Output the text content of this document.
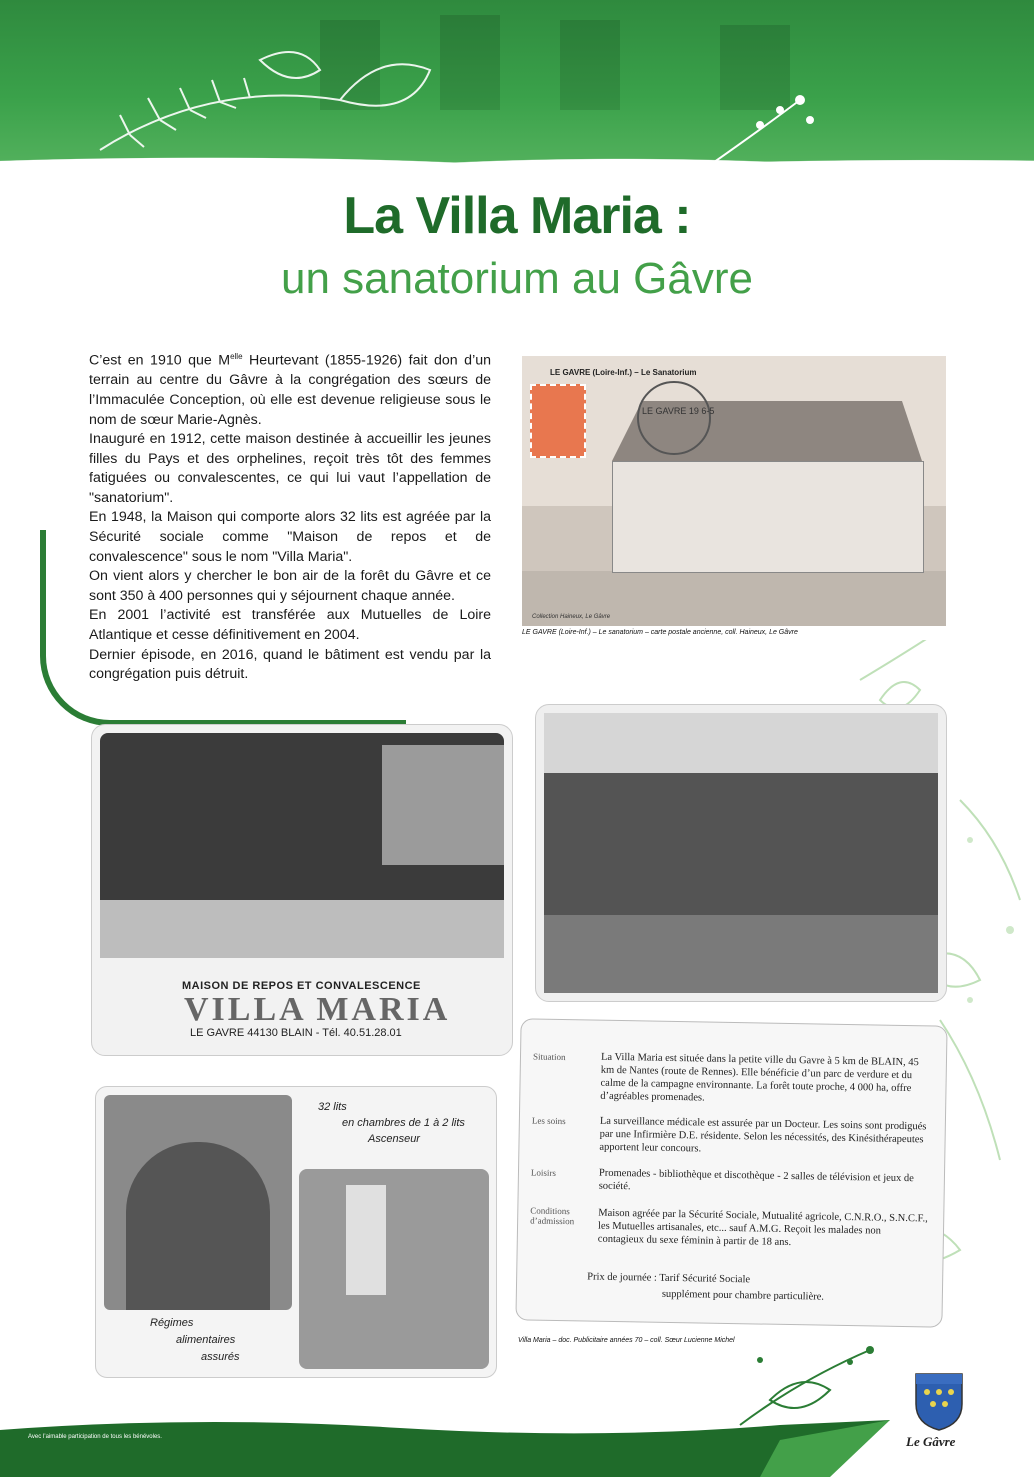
La Villa Maria :
un sanatorium au Gâvre

C’est en 1910 que $M^{elle}$ Heurtevant (1855-1926) fait don d’un terrain au centre du Gâvre à la congrégation des sœurs de l’Immaculée Conception, où elle est devenue religieuse sous le nom de sœur Marie-Agnès.

Inauguré en 1912, cette maison destinée à accueillir les jeunes filles du Pays et des orphelines, reçoit très tôt des femmes fatiguées ou convalescentes, ce qui lui vaut l’appellation de "sanatorium".

En 1948, la Maison qui comporte alors 32 lits est agréée par la Sécurité sociale comme "Maison de repos et de convalescence" sous le nom "Villa Maria".

On vient alors y chercher le bon air de la forêt du Gâvre et ce sont 350 à 400 personnes qui y séjournent chaque année.

En 2001 l’activité est transférée aux Mutuelles de Loire Atlantique et cesse définitivement en 2004.

Dernier épisode, en 2016, quand le bâtiment est vendu par la congrégation puis détruit.

LE GAVRE 19 6-5
LE GAVRE (Loire-Inf.) – Le Sanatorium
Collection Haineux, Le Gâvre
LE GAVRE (Loire-Inf.) – Le sanatorium – carte postale ancienne, coll. Haineux, Le Gâvre
MAISON DE REPOS ET CONVALESCENCE
VILLA MARIA
LE GAVRE 44130 BLAIN - Tél. 40.51.28.01
32 lits
en chambres de 1 à 2 lits
Ascenseur
Régimes
alimentaires
assurés
Situation	La Villa Maria est située dans la petite ville du Gavre à 5 km de BLAIN, 45 km de Nantes (route de Rennes). Elle bénéficie d’un parc de verdure et du calme de la campagne environnante. La forêt toute proche, 4 000 ha, offre d’agréables promenades.
Les soins	La surveillance médicale est assurée par un Docteur. Les soins sont prodigués par une Infirmière D.E. résidente. Selon les nécessités, des Kinésithérapeutes apportent leur concours.
Loisirs	Promenades - bibliothèque et discothèque - 2 salles de télévision et jeux de société.
Conditions d’admission	Maison agréée par la Sécurité Sociale, Mutualité agricole, C.N.R.O., S.N.C.F., les Mutuelles artisanales, etc... sauf A.M.G. Reçoit les malades non contagieux du sexe féminin à partir de 18 ans.
Prix de journée : Tarif Sécurité Sociale
supplément pour chambre particulière.
Villa Maria – doc. Publicitaire années 70 – coll. Sœur Lucienne Michel
Avec l’aimable participation de tous les bénévoles.	Le Gâvre
